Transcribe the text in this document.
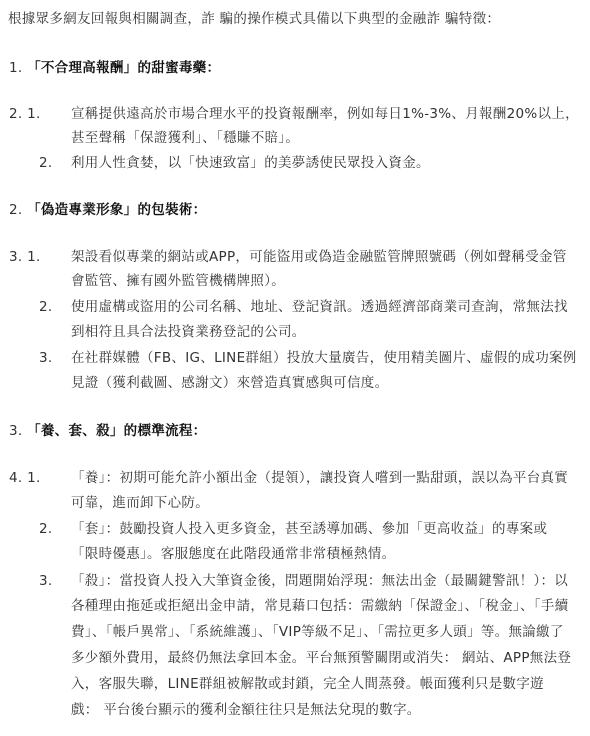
根據眾多網友回報與相關調查，詐 騙的操作模式具備以下典型的金融詐 騙特徵：
1. 「不合理高報酬」的甜蜜毒藥：
2. 1. 宣稱提供遠高於市場合理水平的投資報酬率，例如每日1%-3%、月報酬20%以上，
甚至聲稱「保證獲利」、「穩賺不賠」。
2. 利用人性貪婪，以「快速致富」的美夢誘使民眾投入資金。
2. 「偽造專業形象」的包裝術：
3. 1. 架設看似專業的網站或APP，可能盜用或偽造金融監管牌照號碼（例如聲稱受金管
會監管、擁有國外監管機構牌照）。
2. 使用虛構或盜用的公司名稱、地址、登記資訊。透過經濟部商業司查詢，常無法找
到相符且具合法投資業務登記的公司。
3. 在社群媒體（FB、IG、LINE群組）投放大量廣告，使用精美圖片、虛假的成功案例
見證（獲利截圖、感謝文）來營造真實感與可信度。
3. 「養、套、殺」的標準流程：
4. 1. 「養」：初期可能允許小額出金（提領），讓投資人嚐到一點甜頭，誤以為平台真實
可靠，進而卸下心防。
2. 「套」：鼓勵投資人投入更多資金，甚至誘導加碼、參加「更高收益」的專案或
「限時優惠」。客服態度在此階段通常非常積極熱情。
3. 「殺」：當投資人投入大筆資金後，問題開始浮現：無法出金（最關鍵警訊！）：以
各種理由拖延或拒絕出金申請，常見藉口包括：需繳納「保證金」、「稅金」、「手續
費」、「帳戶異常」、「系統維護」、「VIP等級不足」、「需拉更多人頭」等。無論繳了
多少額外費用，最終仍無法拿回本金。平台無預警關閉或消失： 網站、APP無法登
入，客服失聯，LINE群組被解散或封鎖，完全人間蒸發。帳面獲利只是數字遊
戲： 平台後台顯示的獲利金額往往只是無法兌現的數字。
